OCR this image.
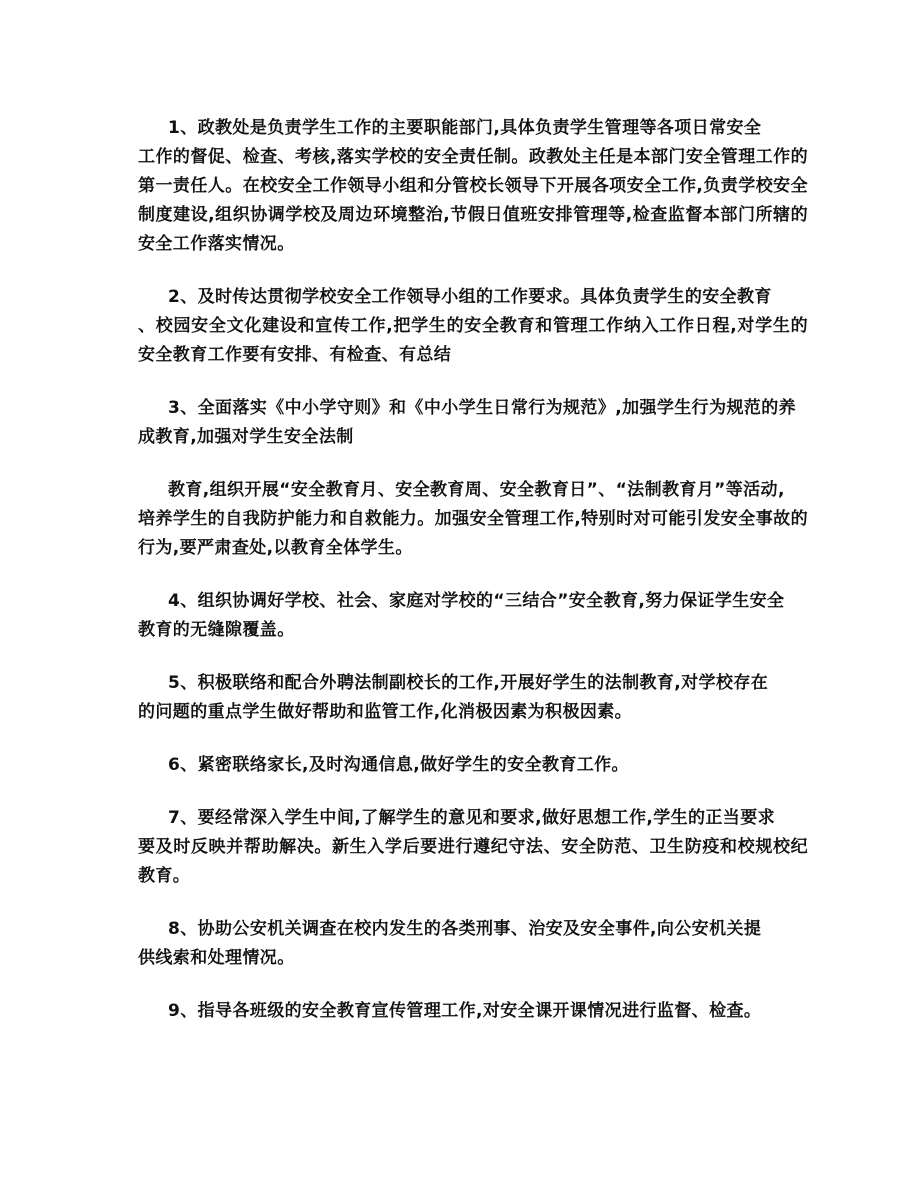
1、政教处是负责学生工作的主要职能部门,具体负责学生管理等各项日常安全
工作的督促、检查、考核,落实学校的安全责任制。政教处主任是本部门安全管理工作的第一责任人。在校安全工作领导小组和分管校长领导下开展各项安全工作,负责学校安全制度建设,组织协调学校及周边环境整治,节假日值班安排管理等,检查监督本部门所辖的安全工作落实情况。

2、及时传达贯彻学校安全工作领导小组的工作要求。具体负责学生的安全教育
、校园安全文化建设和宣传工作,把学生的安全教育和管理工作纳入工作日程,对学生的安全教育工作要有安排、有检查、有总结

3、全面落实《中小学守则》和《中小学生日常行为规范》,加强学生行为规范的养
成教育,加强对学生安全法制

教育,组织开展“安全教育月、安全教育周、安全教育日”、“法制教育月”等活动,
培养学生的自我防护能力和自救能力。加强安全管理工作,特别时对可能引发安全事故的行为,要严肃查处,以教育全体学生。

4、组织协调好学校、社会、家庭对学校的“三结合”安全教育,努力保证学生安全
教育的无缝隙覆盖。

5、积极联络和配合外聘法制副校长的工作,开展好学生的法制教育,对学校存在
的问题的重点学生做好帮助和监管工作,化消极因素为积极因素。

6、紧密联络家长,及时沟通信息,做好学生的安全教育工作。

7、要经常深入学生中间,了解学生的意见和要求,做好思想工作,学生的正当要求
要及时反映并帮助解决。新生入学后要进行遵纪守法、安全防范、卫生防疫和校规校纪教育。

8、协助公安机关调查在校内发生的各类刑事、治安及安全事件,向公安机关提
供线索和处理情况。

9、指导各班级的安全教育宣传管理工作,对安全课开课情况进行监督、检查。
